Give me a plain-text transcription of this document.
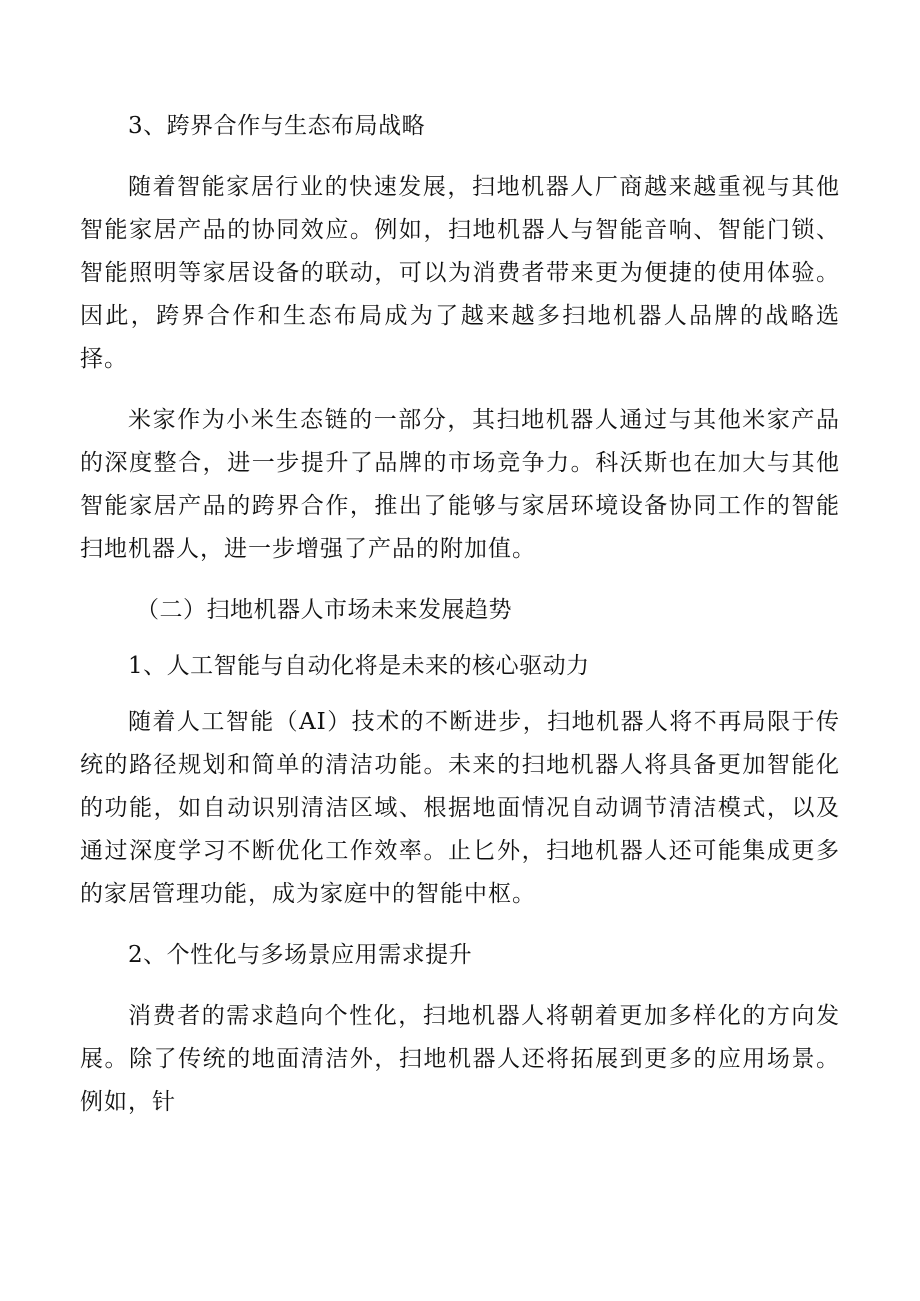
3、跨界合作与生态布局战略

随着智能家居行业的快速发展，扫地机器人厂商越来越重视与其他智能家居产品的协同效应。例如，扫地机器人与智能音响、智能门锁、智能照明等家居设备的联动，可以为消费者带来更为便捷的使用体验。因此，跨界合作和生态布局成为了越来越多扫地机器人品牌的战略选择。

米家作为小米生态链的一部分，其扫地机器人通过与其他米家产品的深度整合，进一步提升了品牌的市场竞争力。科沃斯也在加大与其他智能家居产品的跨界合作，推出了能够与家居环境设备协同工作的智能扫地机器人，进一步增强了产品的附加值。

（二）扫地机器人市场未来发展趋势

1、人工智能与自动化将是未来的核心驱动力

随着人工智能（AI）技术的不断进步，扫地机器人将不再局限于传统的路径规划和简单的清洁功能。未来的扫地机器人将具备更加智能化的功能，如自动识别清洁区域、根据地面情况自动调节清洁模式，以及通过深度学习不断优化工作效率。止匕外，扫地机器人还可能集成更多的家居管理功能，成为家庭中的智能中枢。

2、个性化与多场景应用需求提升

消费者的需求趋向个性化，扫地机器人将朝着更加多样化的方向发展。除了传统的地面清洁外，扫地机器人还将拓展到更多的应用场景。例如，针
